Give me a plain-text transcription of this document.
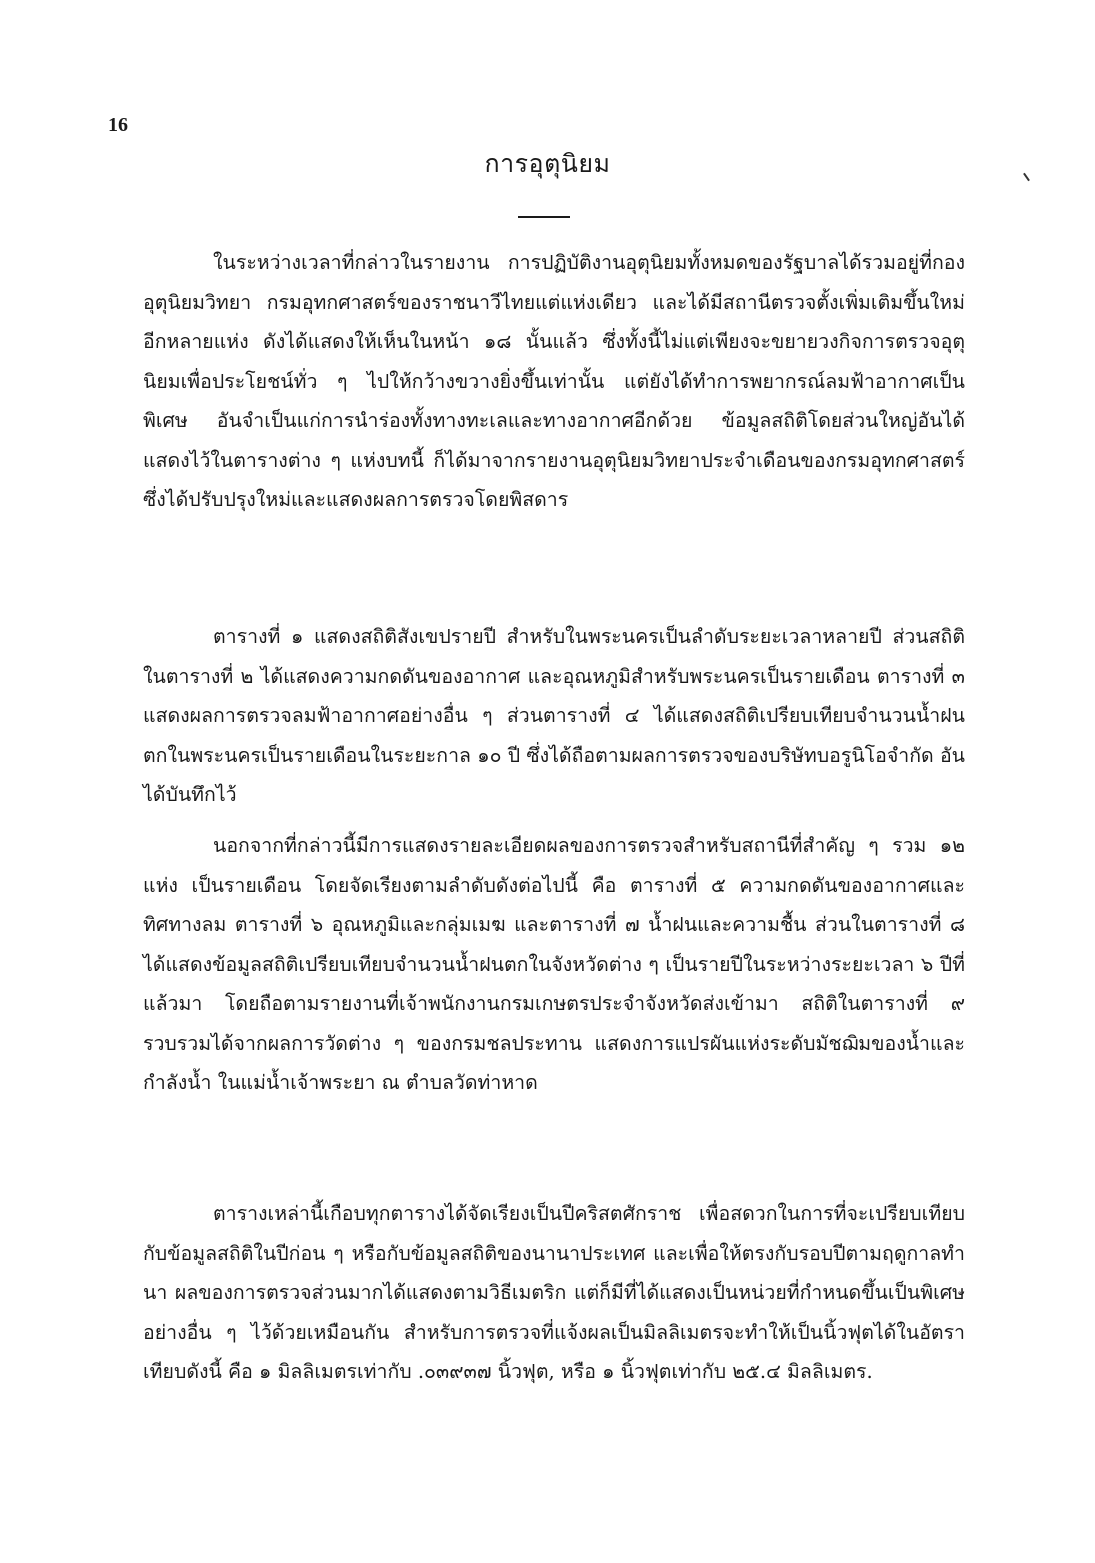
16
การอุตุนิยม

ในระหว่างเวลาที่กล่าวในรายงาน การปฏิบัติงานอุตุนิยมทั้งหมดของรัฐบาลได้รวมอยู่ที่กองอุตุนิยมวิทยา กรมอุทกศาสตร์ของราชนาวีไทยแต่แห่งเดียว และได้มีสถานีตรวจตั้งเพิ่มเติมขึ้นใหม่อีกหลายแห่ง ดังได้แสดงให้เห็นในหน้า ๑๘ นั้นแล้ว ซึ่งทั้งนี้ไม่แต่เพียงจะขยายวงกิจการตรวจอุตุนิยมเพื่อประโยชน์ทั่ว ๆ ไปให้กว้างขวางยิ่งขึ้นเท่านั้น แต่ยังได้ทำการพยากรณ์ลมฟ้าอากาศเป็นพิเศษ อันจำเป็นแก่การนำร่องทั้งทางทะเลและทางอากาศอีกด้วย ข้อมูลสถิติโดยส่วนใหญ่อันได้แสดงไว้ในตารางต่าง ๆ แห่งบทนี้ ก็ได้มาจากรายงานอุตุนิยมวิทยาประจำเดือนของกรมอุทกศาสตร์ ซึ่งได้ปรับปรุงใหม่และแสดงผลการตรวจโดยพิสดาร

ตารางที่ ๑ แสดงสถิติสังเขปรายปี สำหรับในพระนครเป็นลำดับระยะเวลาหลายปี ส่วนสถิติในตารางที่ ๒ ได้แสดงความกดดันของอากาศ และอุณหภูมิสำหรับพระนครเป็นรายเดือน ตารางที่ ๓ แสดงผลการตรวจลมฟ้าอากาศอย่างอื่น ๆ ส่วนตารางที่ ๔ ได้แสดงสถิติเปรียบเทียบจำนวนน้ำฝนตกในพระนครเป็นรายเดือนในระยะกาล ๑๐ ปี ซึ่งได้ถือตามผลการตรวจของบริษัทบอรูนิโอจำกัด อันได้บันทึกไว้

นอกจากที่กล่าวนี้มีการแสดงรายละเอียดผลของการตรวจสำหรับสถานีที่สำคัญ ๆ รวม ๑๒ แห่ง เป็นรายเดือน โดยจัดเรียงตามลำดับดังต่อไปนี้ คือ ตารางที่ ๕ ความกดดันของอากาศและทิศทางลม ตารางที่ ๖ อุณหภูมิและกลุ่มเมฆ และตารางที่ ๗ น้ำฝนและความชื้น ส่วนในตารางที่ ๘ ได้แสดงข้อมูลสถิติเปรียบเทียบจำนวนน้ำฝนตกในจังหวัดต่าง ๆ เป็นรายปีในระหว่างระยะเวลา ๖ ปีที่แล้วมา โดยถือตามรายงานที่เจ้าพนักงานกรมเกษตรประจำจังหวัดส่งเข้ามา สถิติในตารางที่ ๙ รวบรวมได้จากผลการวัดต่าง ๆ ของกรมชลประทาน แสดงการแปรผันแห่งระดับมัชฌิมของน้ำและกำลังน้ำ ในแม่น้ำเจ้าพระยา ณ ตำบลวัดท่าหาด

ตารางเหล่านี้เกือบทุกตารางได้จัดเรียงเป็นปีคริสตศักราช เพื่อสดวกในการที่จะเปรียบเทียบกับข้อมูลสถิติในปีก่อน ๆ หรือกับข้อมูลสถิติของนานาประเทศ และเพื่อให้ตรงกับรอบปีตามฤดูกาลทำนา ผลของการตรวจส่วนมากได้แสดงตามวิธีเมตริก แต่ก็มีที่ได้แสดงเป็นหน่วยที่กำหนดขึ้นเป็นพิเศษอย่างอื่น ๆ ไว้ด้วยเหมือนกัน สำหรับการตรวจที่แจ้งผลเป็นมิลลิเมตรจะทำให้เป็นนิ้วฟุตได้ในอัตราเทียบดังนี้ คือ ๑ มิลลิเมตรเท่ากับ .๐๓๙๓๗ นิ้วฟุต, หรือ ๑ นิ้วฟุตเท่ากับ ๒๕.๔ มิลลิเมตร.
